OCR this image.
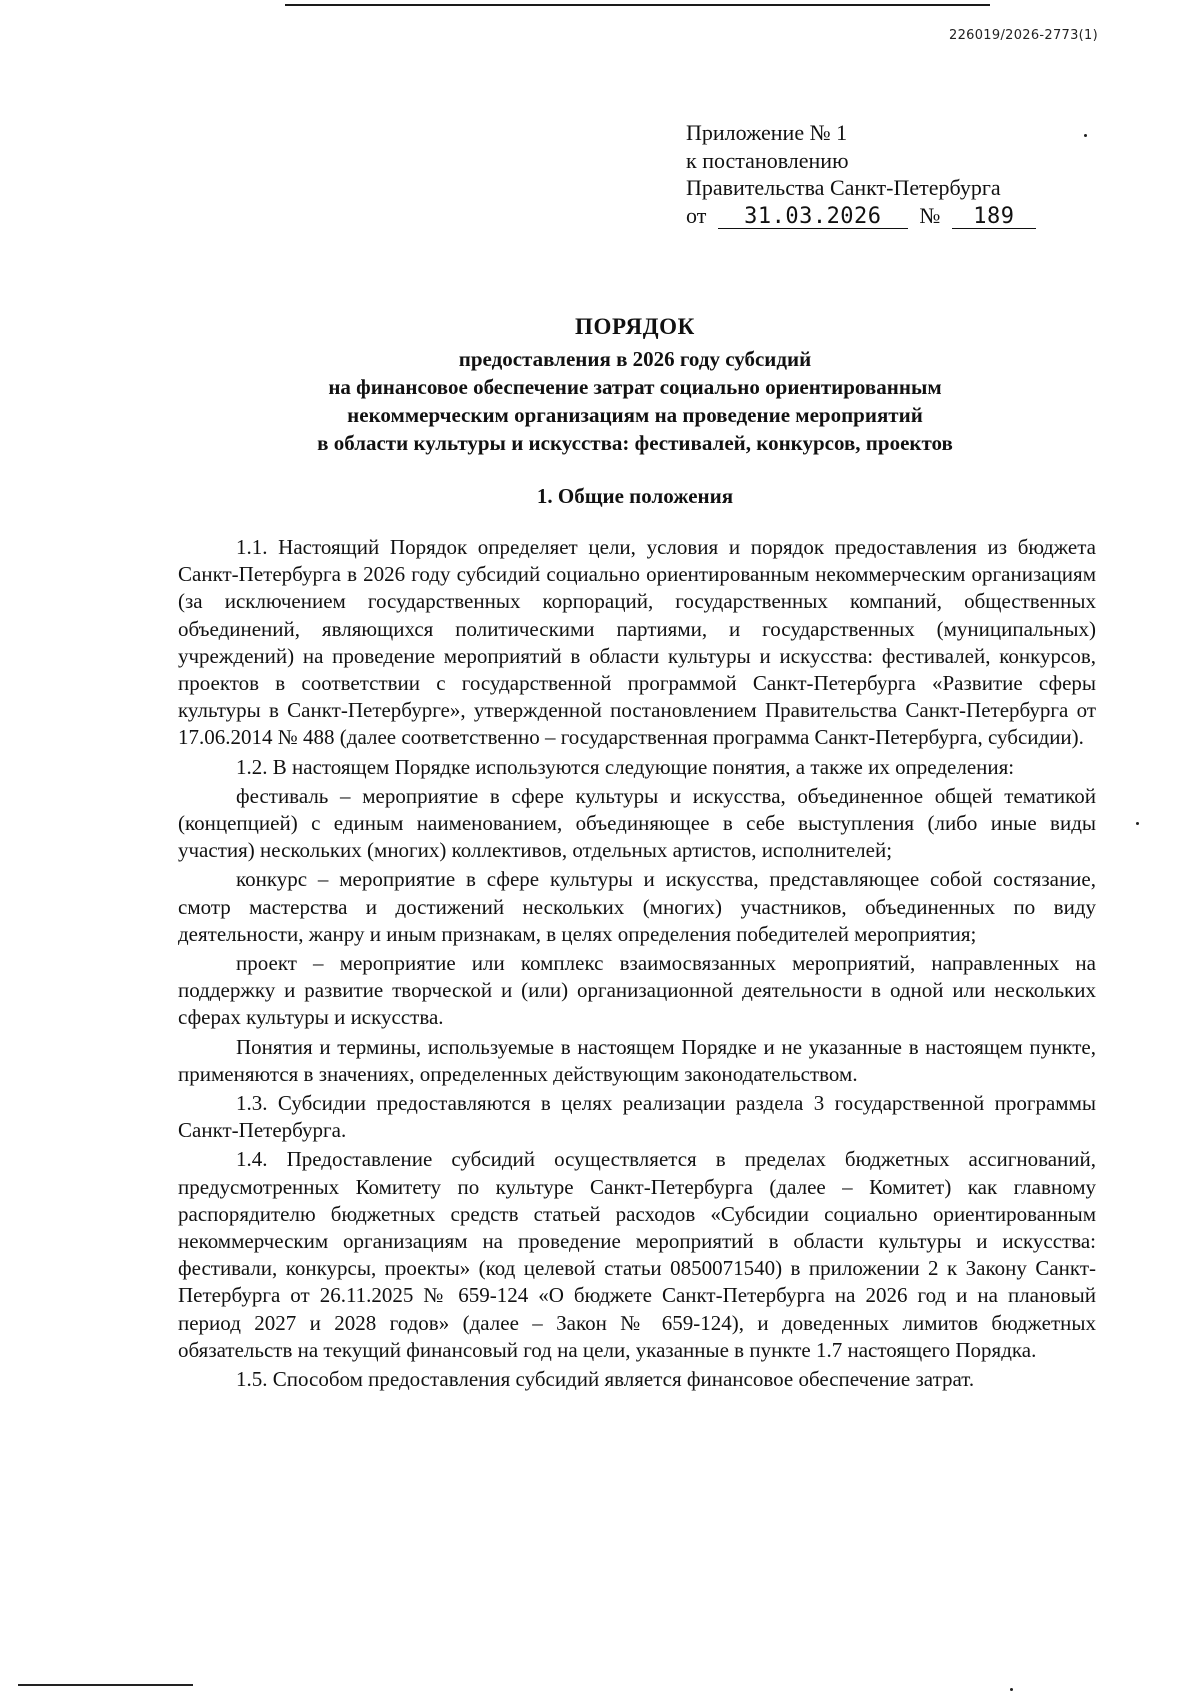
226019/2026-2773(1)
Приложение № 1
к постановлению
Правительства Санкт-Петербурга
от 31.03.2026 № 189
ПОРЯДОК
предоставления в 2026 году субсидий
на финансовое обеспечение затрат социально ориентированным
некоммерческим организациям на проведение мероприятий
в области культуры и искусства: фестивалей, конкурсов, проектов
1. Общие положения

1.1. Настоящий Порядок определяет цели, условия и порядок предоставления из бюджета Санкт-Петербурга в 2026 году субсидий социально ориентированным некоммерческим организациям (за исключением государственных корпораций, государственных компаний, общественных объединений, являющихся политическими партиями, и государственных (муниципальных) учреждений) на проведение мероприятий в области культуры и искусства: фестивалей, конкурсов, проектов в соответствии с государственной программой Санкт-Петербурга «Развитие сферы культуры в Санкт-Петербурге», утвержденной постановлением Правительства Санкт-Петербурга от 17.06.2014 № 488 (далее соответственно – государственная программа Санкт-Петербурга, субсидии).

1.2. В настоящем Порядке используются следующие понятия, а также их определения:

фестиваль – мероприятие в сфере культуры и искусства, объединенное общей тематикой (концепцией) с единым наименованием, объединяющее в себе выступления (либо иные виды участия) нескольких (многих) коллективов, отдельных артистов, исполнителей;

конкурс – мероприятие в сфере культуры и искусства, представляющее собой состязание, смотр мастерства и достижений нескольких (многих) участников, объединенных по виду деятельности, жанру и иным признакам, в целях определения победителей мероприятия;

проект – мероприятие или комплекс взаимосвязанных мероприятий, направленных на поддержку и развитие творческой и (или) организационной деятельности в одной или нескольких сферах культуры и искусства.

Понятия и термины, используемые в настоящем Порядке и не указанные в настоящем пункте, применяются в значениях, определенных действующим законодательством.

1.3. Субсидии предоставляются в целях реализации раздела 3 государственной программы Санкт-Петербурга.

1.4. Предоставление субсидий осуществляется в пределах бюджетных ассигнований, предусмотренных Комитету по культуре Санкт-Петербурга (далее – Комитет) как главному распорядителю бюджетных средств статьей расходов «Субсидии социально ориентированным некоммерческим организациям на проведение мероприятий в области культуры и искусства: фестивали, конкурсы, проекты» (код целевой статьи 0850071540) в приложении 2 к Закону Санкт-Петербурга от 26.11.2025 № 659-124 «О бюджете Санкт-Петербурга на 2026 год и на плановый период 2027 и 2028 годов» (далее – Закон № 659-124), и доведенных лимитов бюджетных обязательств на текущий финансовый год на цели, указанные в пункте 1.7 настоящего Порядка.

1.5. Способом предоставления субсидий является финансовое обеспечение затрат.
